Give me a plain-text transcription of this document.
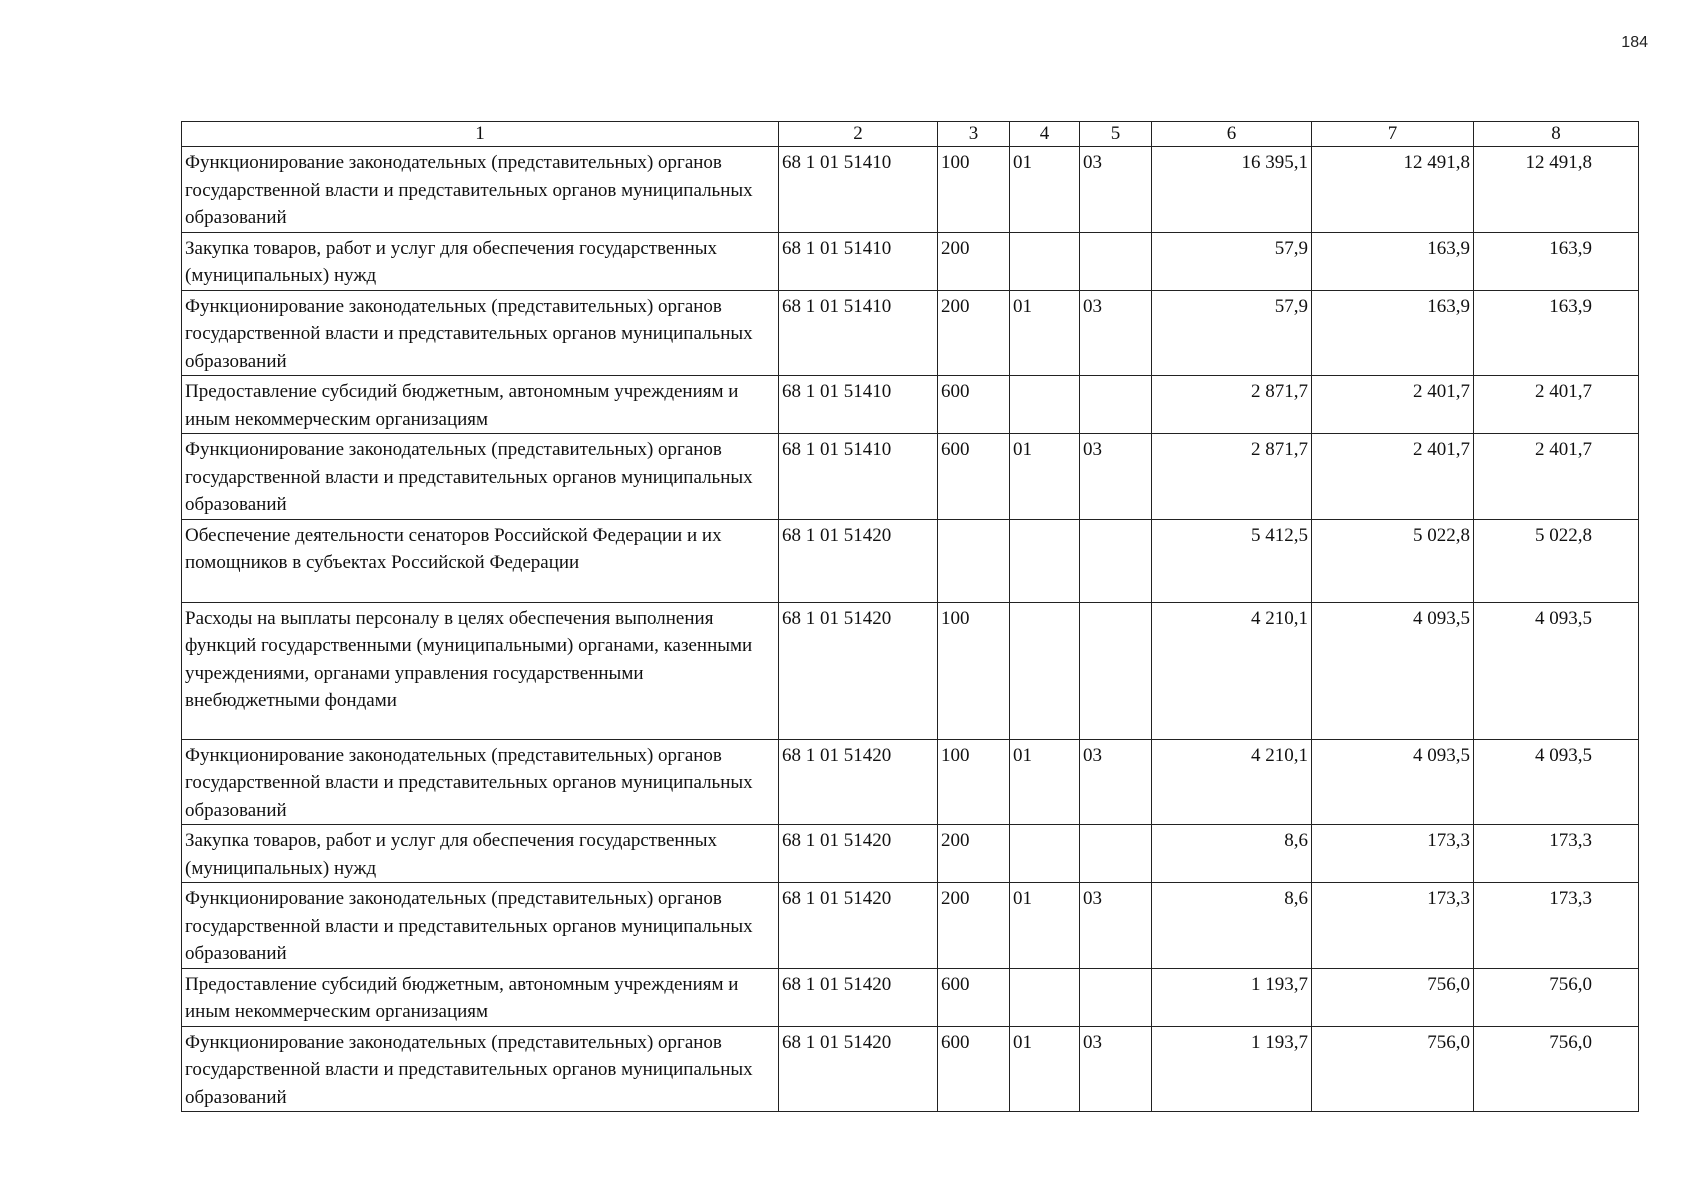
184
1	2	3	4	5	6	7	8
Функционирование законодательных (представительных) органов государственной власти и представительных органов муниципальных образований	68 1 01 51410	100	01	03	16 395,1	12 491,8	12 491,8
Закупка товаров, работ и услуг для обеспечения государственных (муниципальных) нужд	68 1 01 51410	200			57,9	163,9	163,9
Функционирование законодательных (представительных) органов государственной власти и представительных органов муниципальных образований	68 1 01 51410	200	01	03	57,9	163,9	163,9
Предоставление субсидий бюджетным, автономным учреждениям и иным некоммерческим организациям	68 1 01 51410	600			2 871,7	2 401,7	2 401,7
Функционирование законодательных (представительных) органов государственной власти и представительных органов муниципальных образований	68 1 01 51410	600	01	03	2 871,7	2 401,7	2 401,7
Обеспечение деятельности сенаторов Российской Федерации и их помощников в субъектах Российской Федерации	68 1 01 51420				5 412,5	5 022,8	5 022,8
Расходы на выплаты персоналу в целях обеспечения выполнения функций государственными (муниципальными) органами, казенными учреждениями, органами управления государственными внебюджетными фондами	68 1 01 51420	100			4 210,1	4 093,5	4 093,5
Функционирование законодательных (представительных) органов государственной власти и представительных органов муниципальных образований	68 1 01 51420	100	01	03	4 210,1	4 093,5	4 093,5
Закупка товаров, работ и услуг для обеспечения государственных (муниципальных) нужд	68 1 01 51420	200			8,6	173,3	173,3
Функционирование законодательных (представительных) органов государственной власти и представительных органов муниципальных образований	68 1 01 51420	200	01	03	8,6	173,3	173,3
Предоставление субсидий бюджетным, автономным учреждениям и иным некоммерческим организациям	68 1 01 51420	600			1 193,7	756,0	756,0
Функционирование законодательных (представительных) органов государственной власти и представительных органов муниципальных образований	68 1 01 51420	600	01	03	1 193,7	756,0	756,0
